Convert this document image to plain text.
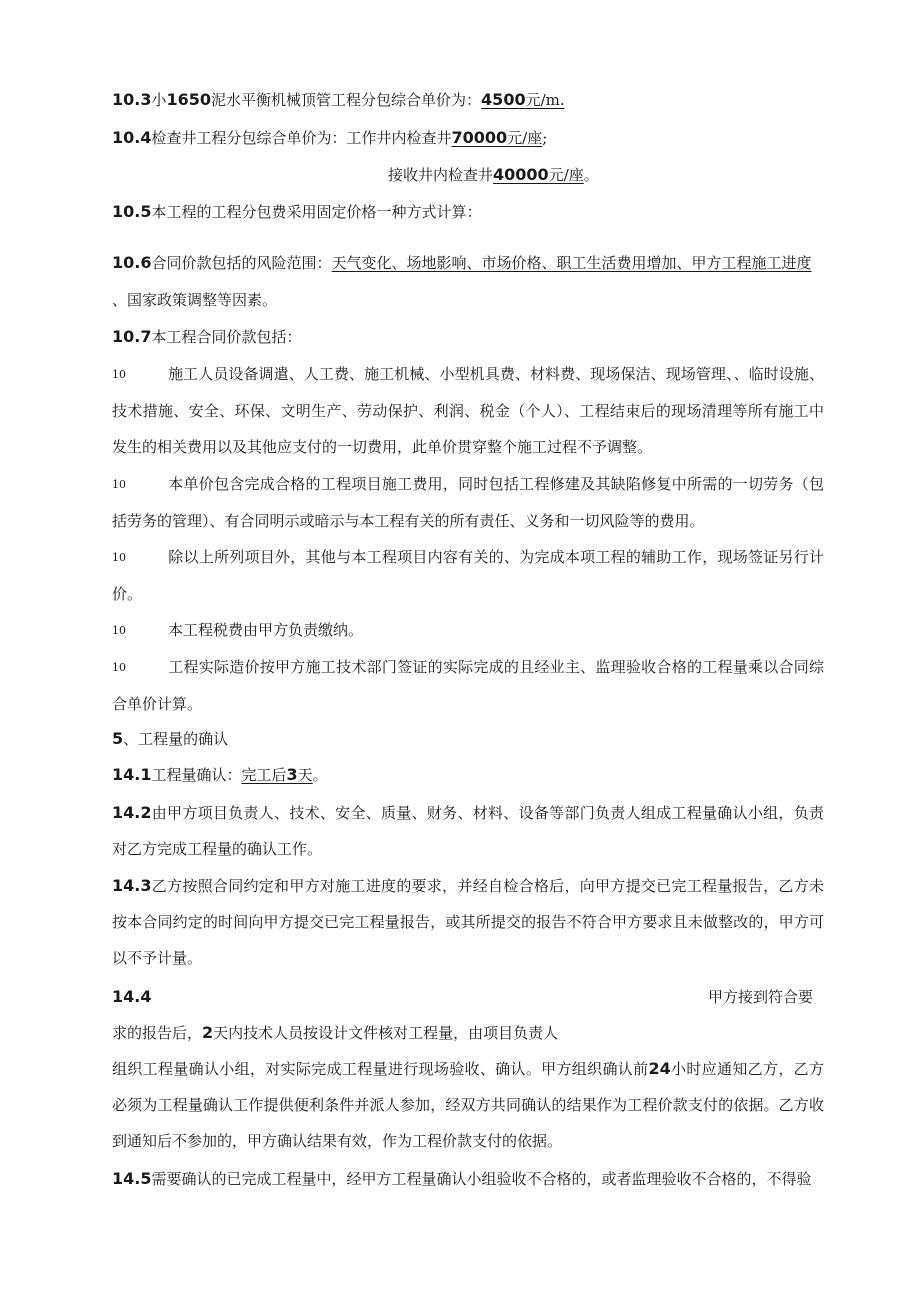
10.3小1650泥水平衡机械顶管工程分包综合单价为：4500元/m.
10.4检查井工程分包综合单价为：工作井内检查井70000元/座;
接收井内检查井40000元/座。
10.5本工程的工程分包费采用固定价格一种方式计算：
10.6合同价款包括的风险范围：天气变化、场地影响、市场价格、职工生活费用增加、甲方工程施工进度
、国家政策调整等因素。
10.7本工程合同价款包括：
10	施工人员设备调遣、人工费、施工机械、小型机具费、材料费、现场保洁、现场管理、、临时设施、技术措施、安全、环保、文明生产、劳动保护、利润、税金（个人）、工程结束后的现场清理等所有施工中发生的相关费用以及其他应支付的一切费用，此单价贯穿整个施工过程不予调整。
10	本单价包含完成合格的工程项目施工费用，同时包括工程修建及其缺陷修复中所需的一切劳务（包括劳务的管理）、有合同明示或暗示与本工程有关的所有责任、义务和一切风险等的费用。
10	除以上所列项目外，其他与本工程项目内容有关的、为完成本项工程的辅助工作，现场签证另行计价。
10	本工程税费由甲方负责缴纳。
10	工程实际造价按甲方施工技术部门签证的实际完成的且经业主、监理验收合格的工程量乘以合同综合单价计算。
5、工程量的确认
14.1工程量确认：完工后3天。
14.2由甲方项目负责人、技术、安全、质量、财务、材料、设备等部门负责人组成工程量确认小组，负责对乙方完成工程量的确认工作。
14.3乙方按照合同约定和甲方对施工进度的要求，并经自检合格后，向甲方提交已完工程量报告，乙方未按本合同约定的时间向甲方提交已完工程量报告，或其所提交的报告不符合甲方要求且未做整改的，甲方可以不予计量。
14.4	甲方接到符合要
求的报告后，2天内技术人员按设计文件核对工程量，由项目负责人
组织工程量确认小组，对实际完成工程量进行现场验收、确认。甲方组织确认前24小时应通知乙方，乙方必须为工程量确认工作提供便利条件并派人参加，经双方共同确认的结果作为工程价款支付的依据。乙方收到通知后不参加的，甲方确认结果有效，作为工程价款支付的依据。
14.5需要确认的已完成工程量中，经甲方工程量确认小组验收不合格的，或者监理验收不合格的，不得验
